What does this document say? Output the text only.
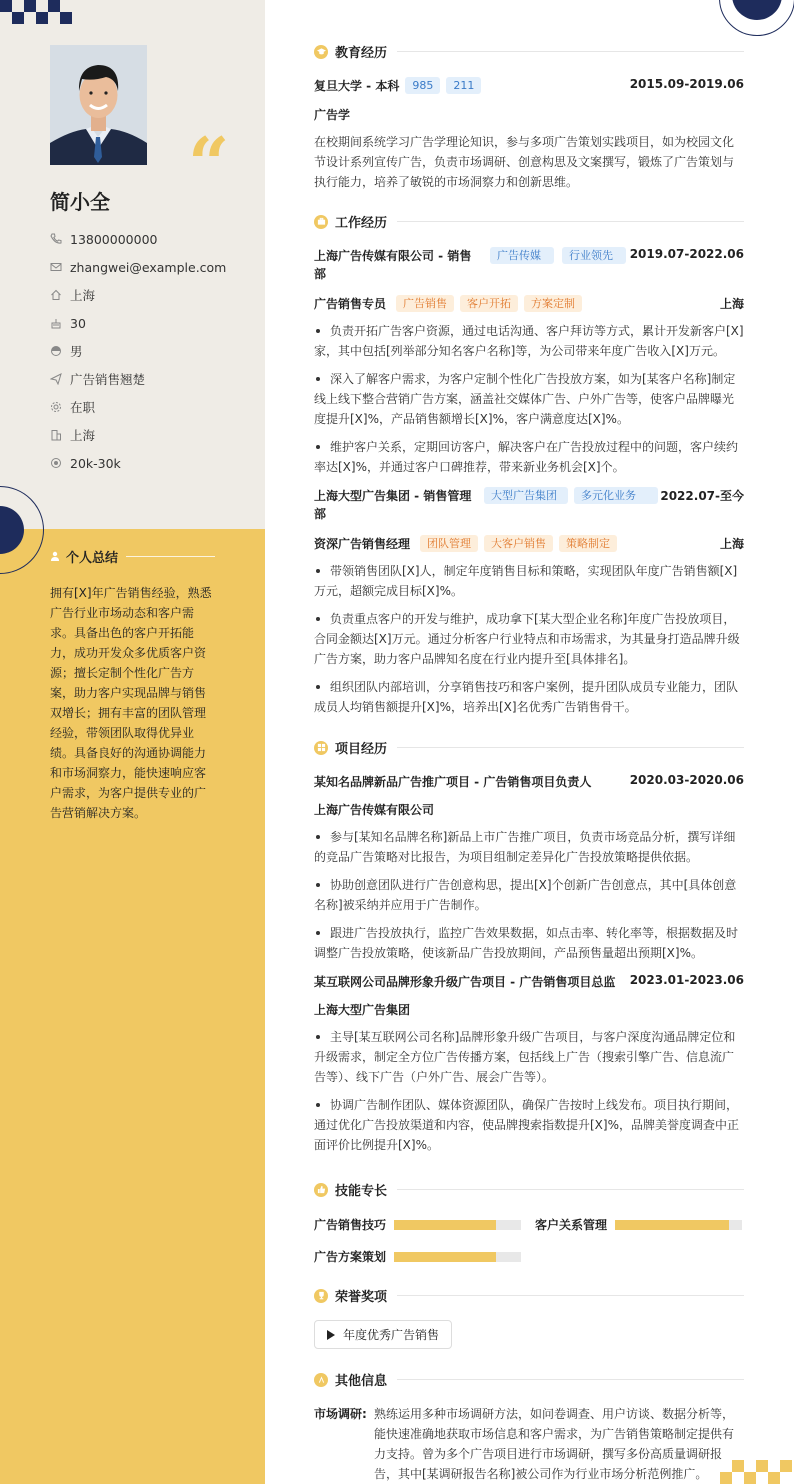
“
简小全
13800000000
zhangwei@example.com
上海
30
男
广告销售翘楚
在职
上海
20k-30k
个人总结
拥有[X]年广告销售经验，熟悉广告行业市场动态和客户需求。具备出色的客户开拓能力，成功开发众多优质客户资源；擅长定制个性化广告方案，助力客户实现品牌与销售双增长；拥有丰富的团队管理经验，带领团队取得优异业绩。具备良好的沟通协调能力和市场洞察力，能快速响应客户需求，为客户提供专业的广告营销解决方案。
教育经历
复旦大学 - 本科	985	211	2015.09-2019.06
广告学
在校期间系统学习广告学理论知识，参与多项广告策划实践项目，如为校园文化节设计系列宣传广告，负责市场调研、创意构思及文案撰写，锻炼了广告策划与执行能力，培养了敏锐的市场洞察力和创新思维。
工作经历
上海广告传媒有限公司 - 销售部
广告传媒	行业领先	2019.07-2022.06
广告销售专员	广告销售	客户开拓	方案定制	上海
负责开拓广告客户资源，通过电话沟通、客户拜访等方式，累计开发新客户[X]家，其中包括[列举部分知名客户名称]等，为公司带来年度广告收入[X]万元。
深入了解客户需求，为客户定制个性化广告投放方案，如为[某客户名称]制定线上线下整合营销广告方案，涵盖社交媒体广告、户外广告等，使客户品牌曝光度提升[X]%，产品销售额增长[X]%，客户满意度达[X]%。
维护客户关系，定期回访客户，解决客户在广告投放过程中的问题，客户续约率达[X]%，并通过客户口碑推荐，带来新业务机会[X]个。
上海大型广告集团 - 销售管理部
大型广告集团	多元化业务	2022.07-至今
资深广告销售经理	团队管理	大客户销售	策略制定	上海
带领销售团队[X]人，制定年度销售目标和策略，实现团队年度广告销售额[X]万元，超额完成目标[X]%。
负责重点客户的开发与维护，成功拿下[某大型企业名称]年度广告投放项目，合同金额达[X]万元。通过分析客户行业特点和市场需求，为其量身打造品牌升级广告方案，助力客户品牌知名度在行业内提升至[具体排名]。
组织团队内部培训，分享销售技巧和客户案例，提升团队成员专业能力，团队成员人均销售额提升[X]%，培养出[X]名优秀广告销售骨干。
项目经历
某知名品牌新品广告推广项目 - 广告销售项目负责人	2020.03-2020.06
上海广告传媒有限公司
参与[某知名品牌名称]新品上市广告推广项目，负责市场竞品分析，撰写详细的竞品广告策略对比报告，为项目组制定差异化广告投放策略提供依据。
协助创意团队进行广告创意构思，提出[X]个创新广告创意点，其中[具体创意名称]被采纳并应用于广告制作。
跟进广告投放执行，监控广告效果数据，如点击率、转化率等，根据数据及时调整广告投放策略，使该新品广告投放期间，产品预售量超出预期[X]%。
某互联网公司品牌形象升级广告项目 - 广告销售项目总监 2023.01-2023.06
上海大型广告集团
主导[某互联网公司名称]品牌形象升级广告项目，与客户深度沟通品牌定位和升级需求，制定全方位广告传播方案，包括线上广告（搜索引擎广告、信息流广告等）、线下广告（户外广告、展会广告等）。
协调广告制作团队、媒体资源团队，确保广告按时上线发布。项目执行期间，通过优化广告投放渠道和内容，使品牌搜索指数提升[X]%，品牌美誉度调查中正面评价比例提升[X]%。
技能专长
广告销售技巧	客户关系管理
广告方案策划
荣誉奖项
年度优秀广告销售
其他信息
市场调研: 熟练运用多种市场调研方法，如问卷调查、用户访谈、数据分析等，能快速准确地获取市场信息和客户需求，为广告销售策略制定提供有力支持。曾为多个广告项目进行市场调研，撰写多份高质量调研报告，其中[某调研报告名称]被公司作为行业市场分析范例推广。
